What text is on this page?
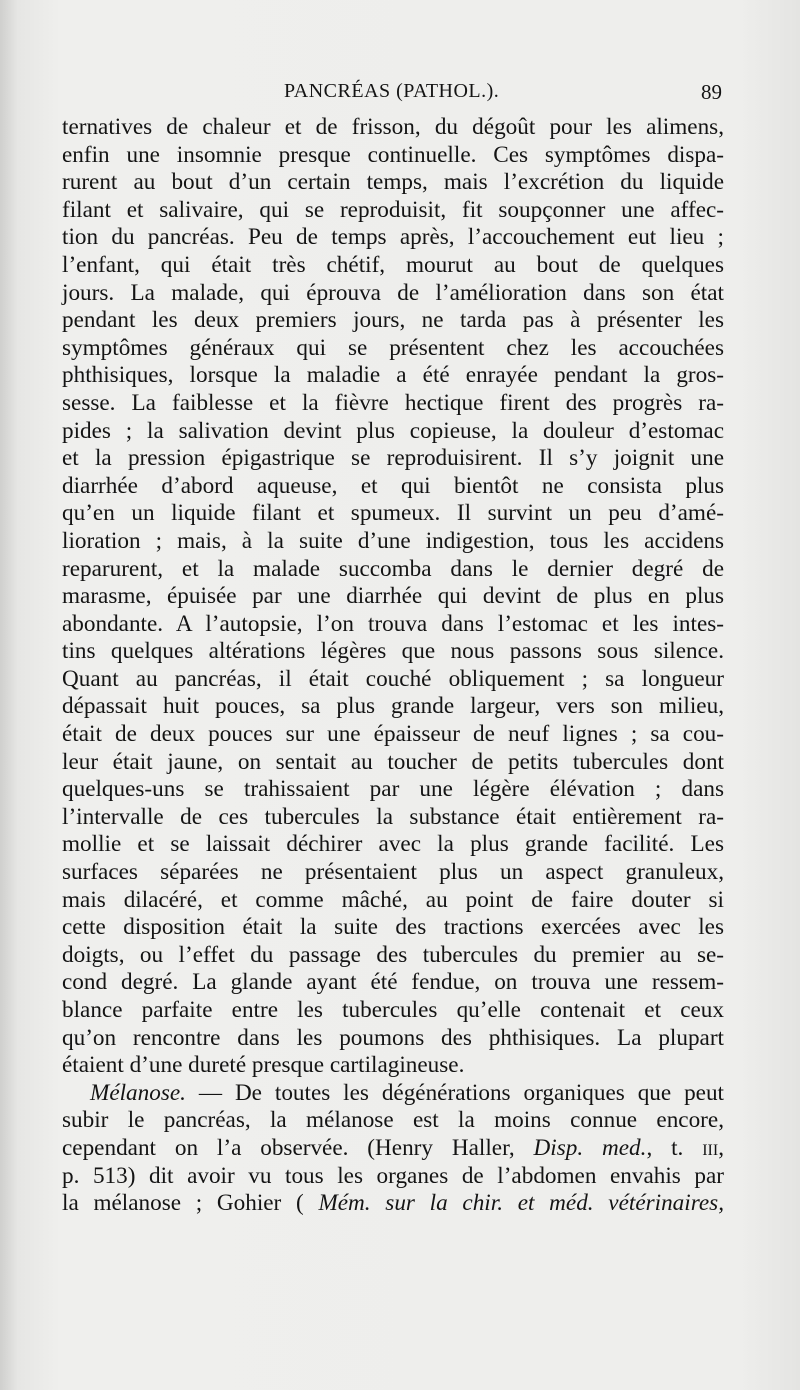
PANCRÉAS (PATHOL.).	89
ternatives de chaleur et de frisson, du dégoût pour les alimens,
enfin une insomnie presque continuelle. Ces symptômes dispa-
rurent au bout d’un certain temps, mais l’excrétion du liquide
filant et salivaire, qui se reproduisit, fit soupçonner une affec-
tion du pancréas. Peu de temps après, l’accouchement eut lieu ;
l’enfant, qui était très chétif, mourut au bout de quelques
jours. La malade, qui éprouva de l’amélioration dans son état
pendant les deux premiers jours, ne tarda pas à présenter les
symptômes généraux qui se présentent chez les accouchées
phthisiques, lorsque la maladie a été enrayée pendant la gros-
sesse. La faiblesse et la fièvre hectique firent des progrès ra-
pides ; la salivation devint plus copieuse, la douleur d’estomac
et la pression épigastrique se reproduisirent. Il s’y joignit une
diarrhée d’abord aqueuse, et qui bientôt ne consista plus
qu’en un liquide filant et spumeux. Il survint un peu d’amé-
lioration ; mais, à la suite d’une indigestion, tous les accidens
reparurent, et la malade succomba dans le dernier degré de
marasme, épuisée par une diarrhée qui devint de plus en plus
abondante. A l’autopsie, l’on trouva dans l’estomac et les intes-
tins quelques altérations légères que nous passons sous silence.
Quant au pancréas, il était couché obliquement ; sa longueur
dépassait huit pouces, sa plus grande largeur, vers son milieu,
était de deux pouces sur une épaisseur de neuf lignes ; sa cou-
leur était jaune, on sentait au toucher de petits tubercules dont
quelques-uns se trahissaient par une légère élévation ; dans
l’intervalle de ces tubercules la substance était entièrement ra-
mollie et se laissait déchirer avec la plus grande facilité. Les
surfaces séparées ne présentaient plus un aspect granuleux,
mais dilacéré, et comme mâché, au point de faire douter si
cette disposition était la suite des tractions exercées avec les
doigts, ou l’effet du passage des tubercules du premier au se-
cond degré. La glande ayant été fendue, on trouva une ressem-
blance parfaite entre les tubercules qu’elle contenait et ceux
qu’on rencontre dans les poumons des phthisiques. La plupart
étaient d’une dureté presque cartilagineuse.
Mélanose. — De toutes les dégénérations organiques que peut
subir le pancréas, la mélanose est la moins connue encore,
cependant on l’a observée. (Henry Haller, Disp. med., t. iii,
p. 513) dit avoir vu tous les organes de l’abdomen envahis par
la mélanose ; Gohier ( Mém. sur la chir. et méd. vétérinaires,
